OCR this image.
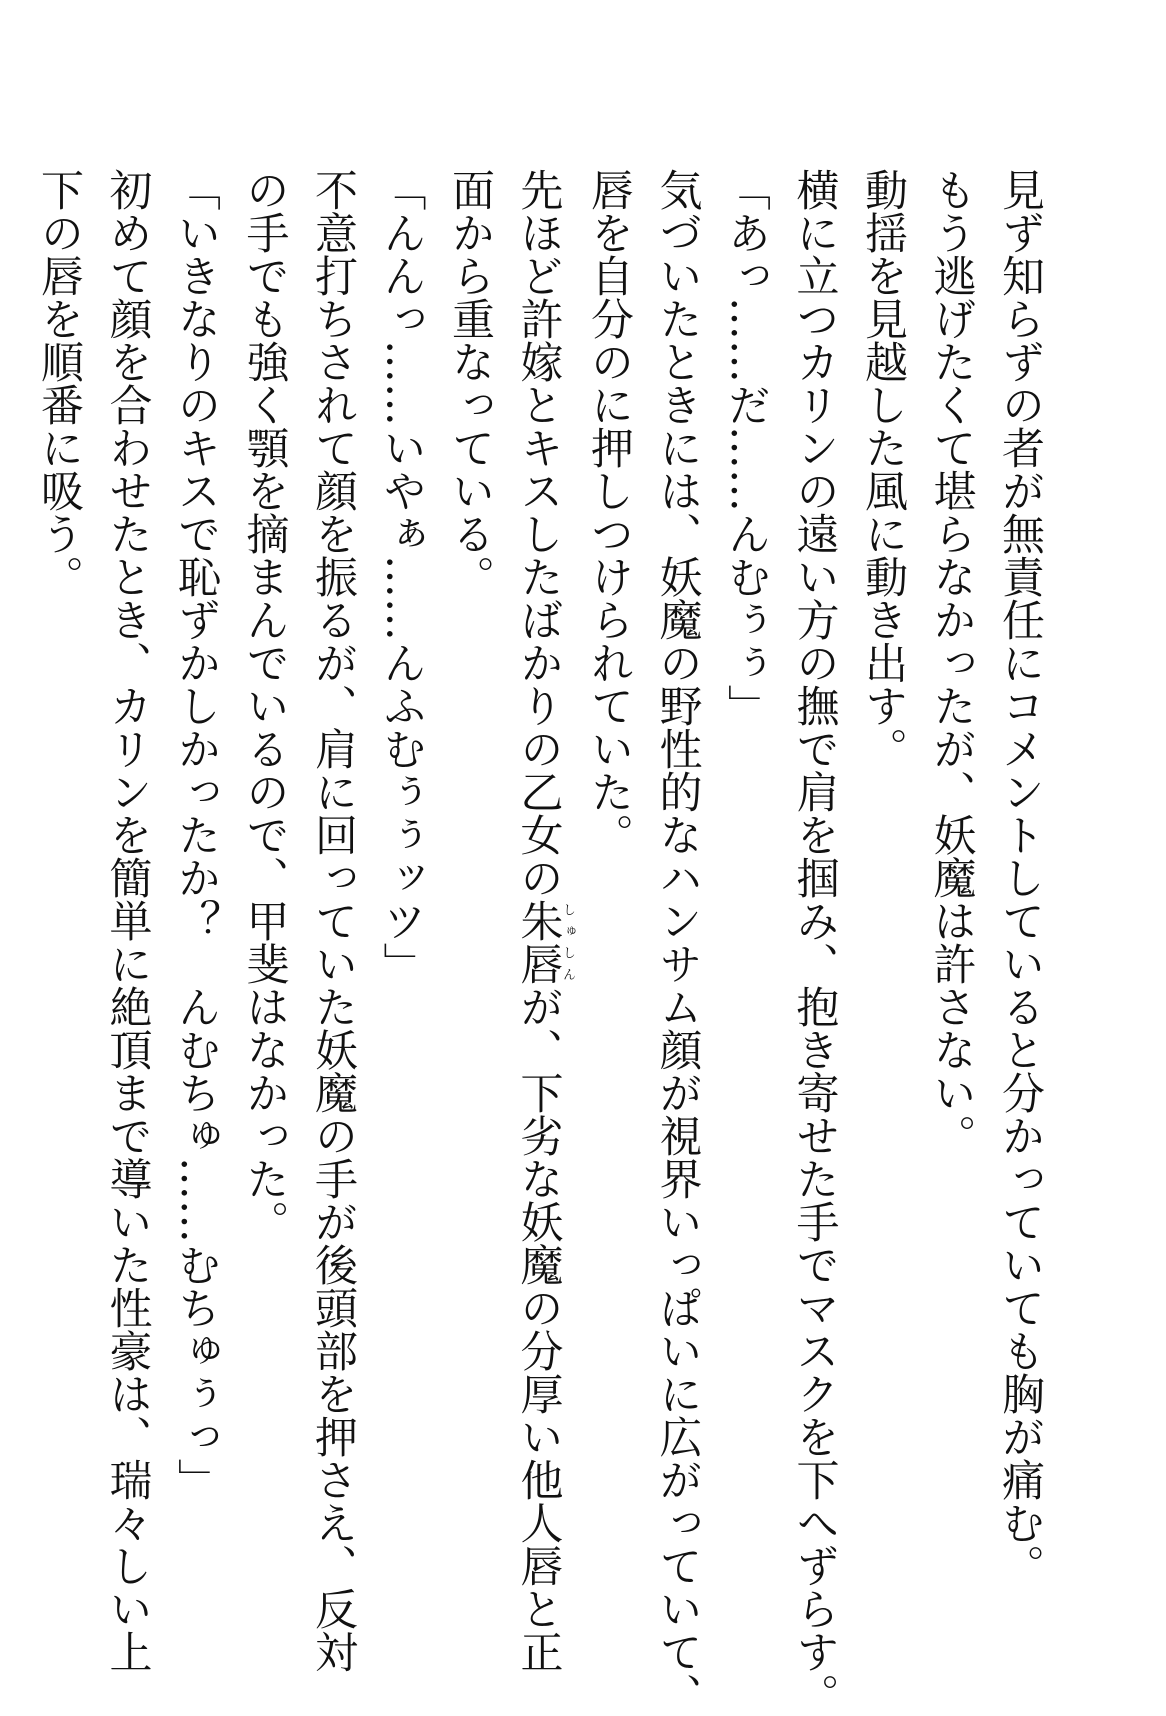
見ず知らずの者が無責任にコメントしていると分かっていても胸が痛む。
もう逃げたくて堪らなかったが、妖魔は許さない。
動揺を見越した風に動き出す。
横に立つカリンの遠い方の撫で肩を掴み、抱き寄せた手でマスクを下へずらす。
「あっ……だ……んむぅぅ」
気づいたときには、妖魔の野性的なハンサム顔が視界いっぱいに広がっていて、
唇を自分のに押しつけられていた。
先ほど許嫁とキスしたばかりの乙女の朱唇しゅしんが、下劣な妖魔の分厚い他人唇と正
面から重なっている。
「んんっ……いやぁ……んふむぅぅッツ」
不意打ちされて顔を振るが、肩に回っていた妖魔の手が後頭部を押さえ、反対
の手でも強く顎を摘まんでいるので、甲斐はなかった。
「いきなりのキスで恥ずかしかったか？　んむちゅ……むちゅぅっ」
初めて顔を合わせたとき、カリンを簡単に絶頂まで導いた性豪は、瑞々しい上
下の唇を順番に吸う。
